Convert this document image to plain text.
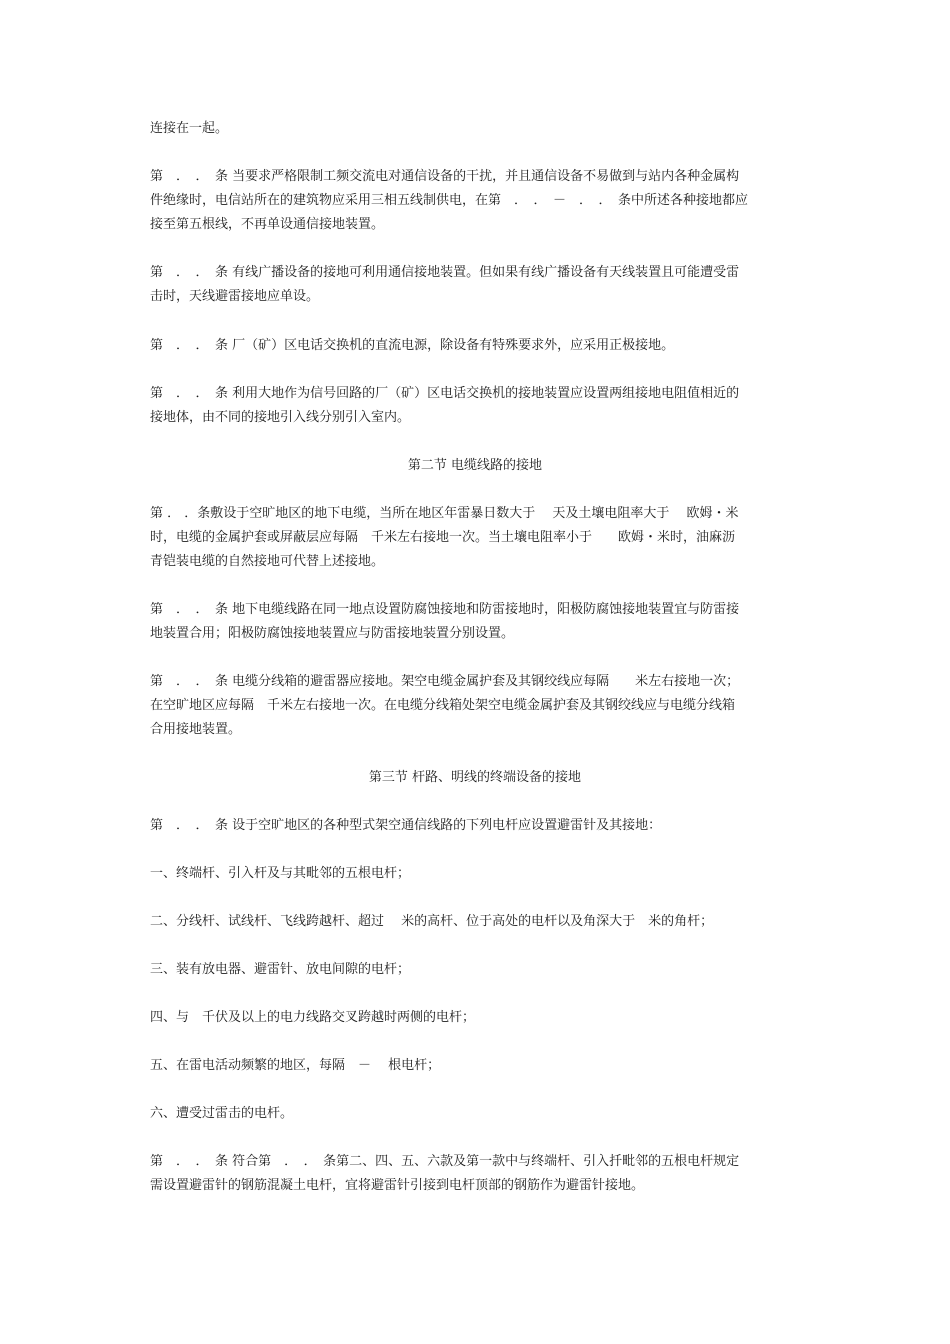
连接在一起。
第　．　．　条 当要求严格限制工频交流电对通信设备的干扰，并且通信设备不易做到与站内各种金属构
件绝缘时，电信站所在的建筑物应采用三相五线制供电，在第　．　．　－　．　．　条中所述各种接地都应
接至第五根线，不再单设通信接地装置。
第　．　．　条 有线广播设备的接地可利用通信接地装置。但如果有线广播设备有天线装置且可能遭受雷
击时，天线避雷接地应单设。
第　．　．　条 厂（矿）区电话交换机的直流电源，除设备有特殊要求外，应采用正极接地。
第　．　．　条 利用大地作为信号回路的厂（矿）区电话交换机的接地装置应设置两组接地电阻值相近的
接地体，由不同的接地引入线分别引入室内。
第二节 电缆线路的接地
第 ． ．条敷设于空旷地区的地下电缆，当所在地区年雷暴日数大于　 天及土壤电阻率大于　 欧姆・米
时，电缆的金属护套或屏蔽层应每隔　千米左右接地一次。当土壤电阻率小于　　欧姆・米时，油麻沥
青铠装电缆的自然接地可代替上述接地。
第　．　．　条 地下电缆线路在同一地点设置防腐蚀接地和防雷接地时，阳极防腐蚀接地装置宜与防雷接
地装置合用；阳极防腐蚀接地装置应与防雷接地装置分别设置。
第　．　．　条 电缆分线箱的避雷器应接地。架空电缆金属护套及其钢绞线应每隔　　米左右接地一次；
在空旷地区应每隔　千米左右接地一次。在电缆分线箱处架空电缆金属护套及其钢绞线应与电缆分线箱
合用接地装置。
第三节 杆路、明线的终端设备的接地
第　．　．　条 设于空旷地区的各种型式架空通信线路的下列电杆应设置避雷针及其接地：
一、终端杆、引入杆及与其毗邻的五根电杆；
二、分线杆、试线杆、飞线跨越杆、超过　 米的高杆、位于高处的电杆以及角深大于　米的角杆；
三、装有放电器、避雷针、放电间隙的电杆；
四、与　千伏及以上的电力线路交叉跨越时两侧的电杆；
五、在雷电活动频繁的地区，每隔　－　 根电杆；
六、遭受过雷击的电杆。
第　．　．　条 符合第　．　．　条第二、四、五、六款及第一款中与终端杆、引入扦毗邻的五根电杆规定
需设置避雷针的钢筋混凝土电杆，宜将避雷针引接到电杆顶部的钢筋作为避雷针接地。
